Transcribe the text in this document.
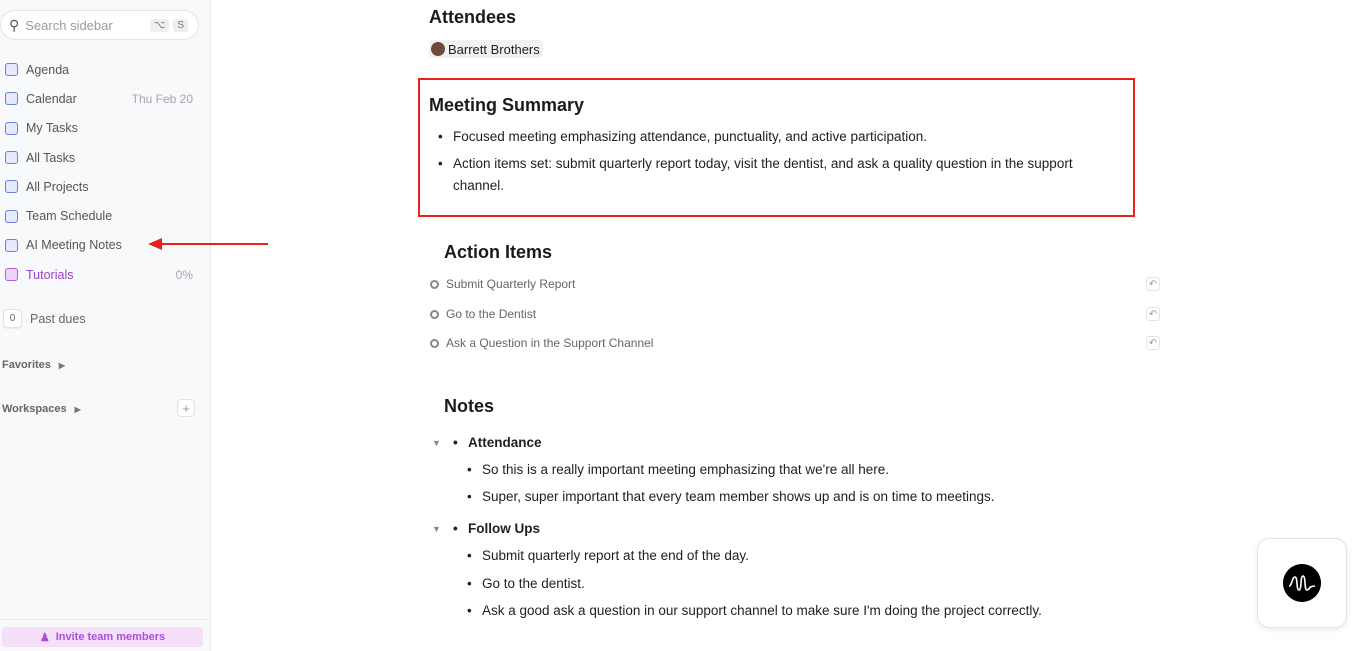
⚲ Search sidebar	⌥	S
Agenda
Calendar	Thu Feb 20
My Tasks
All Tasks
All Projects
Team Schedule
AI Meeting Notes
Tutorials	0%
0	Past dues
Favorites ▶
Workspaces ▶	+
♟ Invite team members
Attendees
Barrett Brothers
Meeting Summary
• Focused meeting emphasizing attendance, punctuality, and active participation.
• Action items set: submit quarterly report today, visit the dentist, and ask a quality question in the support channel.
Action Items
Submit Quarterly Report	↶
Go to the Dentist	↶
Ask a Question in the Support Channel	↶
Notes
▼ • Attendance
• So this is a really important meeting emphasizing that we're all here.
• Super, super important that every team member shows up and is on time to meetings.
▼ • Follow Ups
• Submit quarterly report at the end of the day.
• Go to the dentist.
• Ask a good ask a question in our support channel to make sure I'm doing the project correctly.
